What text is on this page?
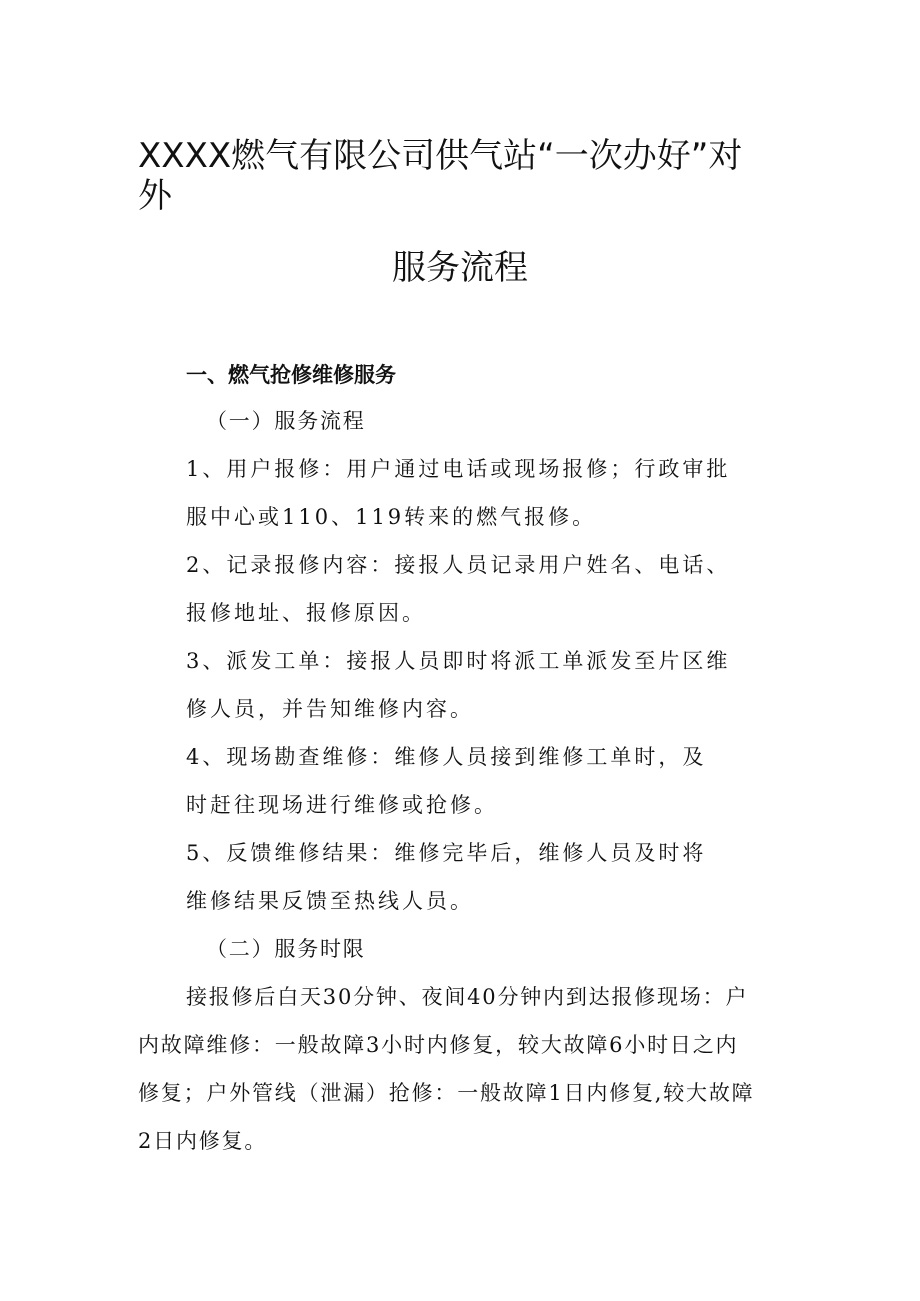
XXXX燃气有限公司供气站“一次办好”对
外
服务流程
一、燃气抢修维修服务
（一）服务流程
1、用户报修：用户通过电话或现场报修；行政审批
服中心或110、119转来的燃气报修。
2、记录报修内容：接报人员记录用户姓名、电话、
报修地址、报修原因。
3、派发工单：接报人员即时将派工单派发至片区维
修人员，并告知维修内容。
4、现场勘查维修：维修人员接到维修工单时，及
时赶往现场进行维修或抢修。
5、反馈维修结果：维修完毕后，维修人员及时将
维修结果反馈至热线人员。
（二）服务时限
接报修后白天30分钟、夜间40分钟内到达报修现场：户
内故障维修：一般故障3小时内修复，较大故障6小时日之内
修复；户外管线（泄漏）抢修：一般故障1日内修复,较大故障
2日内修复。
